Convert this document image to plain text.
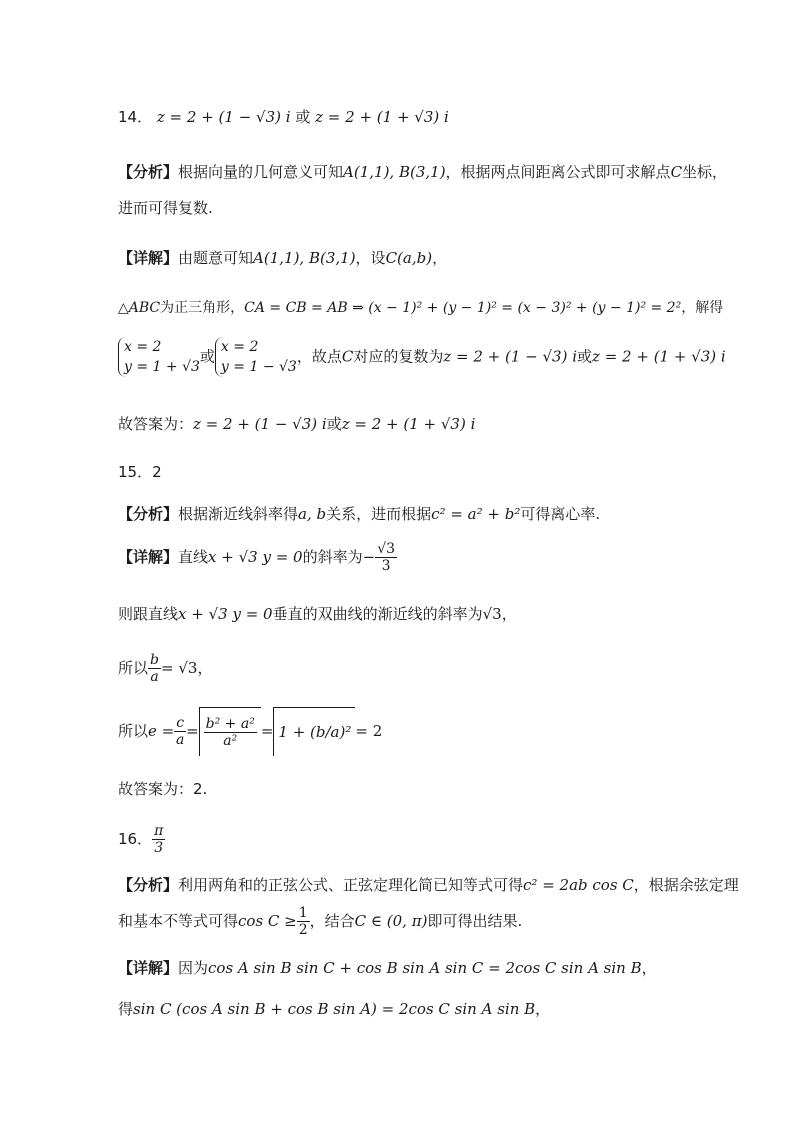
14． z = 2 + (1 − √3) i 或 z = 2 + (1 + √3) i
【分析】根据向量的几何意义可知A(1,1), B(3,1)，根据两点间距离公式即可求解点C坐标，
进而可得复数.
【详解】由题意可知A(1,1), B(3,1)，设C(a,b)，
△ABC为正三角形，CA = CB = AB ⇒ (x − 1)² + (y − 1)² = (x − 3)² + (y − 1)² = 2²，解得
x = 2
y = 1 + √3
或
x = 2
y = 1 − √3
，故点C对应的复数为z = 2 + (1 − √3) i或z = 2 + (1 + √3) i
故答案为：z = 2 + (1 − √3) i或z = 2 + (1 + √3) i
15．2
【分析】根据渐近线斜率得a, b关系，进而根据c² = a² + b²可得离心率.
【详解】直线x + √3 y = 0的斜率为− $\frac{√3}{3}$
则跟直线x + √3 y = 0垂直的双曲线的渐近线的斜率为√3，
所以 $\frac{b}{a} = √3$，
所以$e = \frac{c}{a} = \frac{\text{b² + a²}}{\text{a²}} = 1 + (b/a)^2 = 2$
故答案为：2.
16． $\frac{\pi}{3}$
【分析】利用两角和的正弦公式、正弦定理化简已知等式可得c² = 2ab cos C，根据余弦定理
和基本不等式可得$\cos C \ge \frac{1}{2}$ ，结合C ∈ (0, π)即可得出结果.
【详解】因为cos A sin B sin C + cos B sin A sin C = 2cos C sin A sin B，
得sin C (cos A sin B + cos B sin A) = 2cos C sin A sin B，
